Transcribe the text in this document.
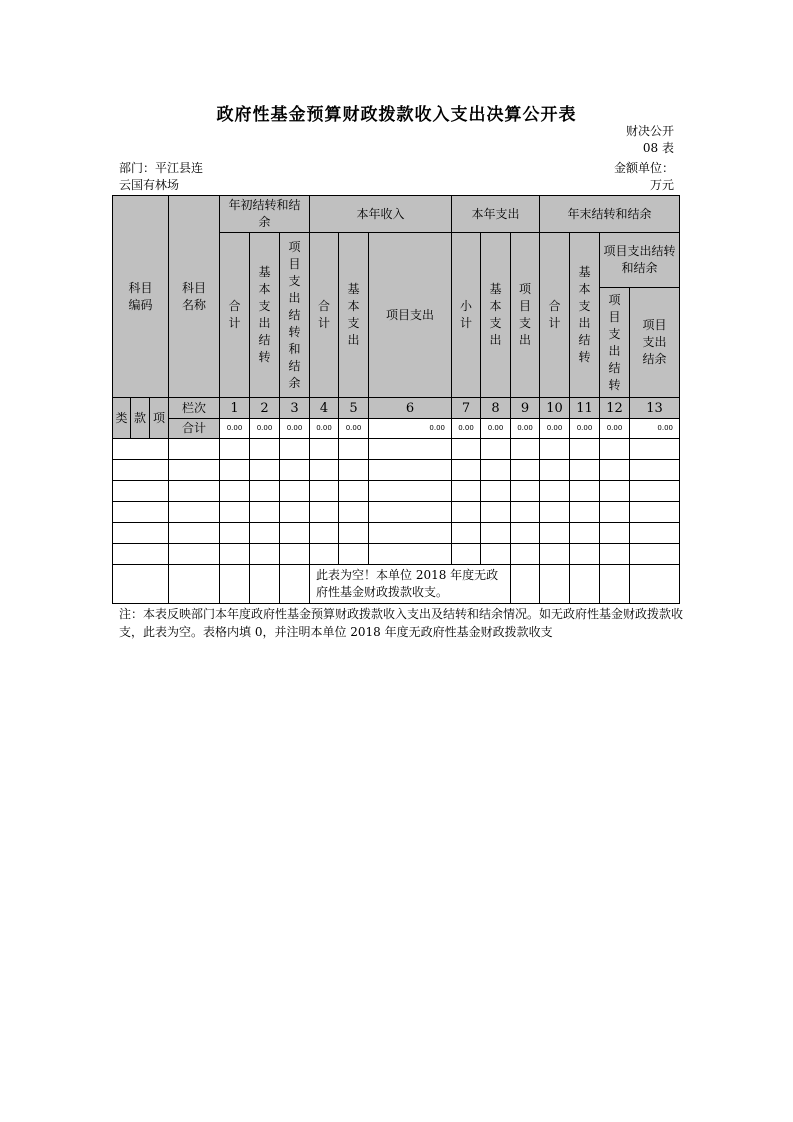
政府性基金预算财政拨款收入支出决算公开表
财决公开
08 表
部门：平江县连
云国有林场
金额单位：
万元
科目编码			科目名称	年初结转和结余			本年收入			本年支出			年末结转和结余			
				合计	基本支出结转	项目支出结转和结余	合计	基本支出	项目支出	小计	基本支出	项目支出	合计	基本支出结转	项目支出结转和结余	
															项目支出结转	项目支出结余

类	款	项	栏次	1	2	3	4	5	6	7	8	9	10	11	12	13
			合计	0.00	0.00	0.00	0.00	0.00	0.00	0.00	0.00	0.00	0.00	0.00	0.00	0.00

							此表为空！本单位 2018 年度无政府性基金财政拨款收支。									
注：本表反映部门本年度政府性基金预算财政拨款收入支出及结转和结余情况。如无政府性基金财政拨款收支，此表为空。表格内填 0，并注明本单位 2018 年度无政府性基金财政拨款收支
